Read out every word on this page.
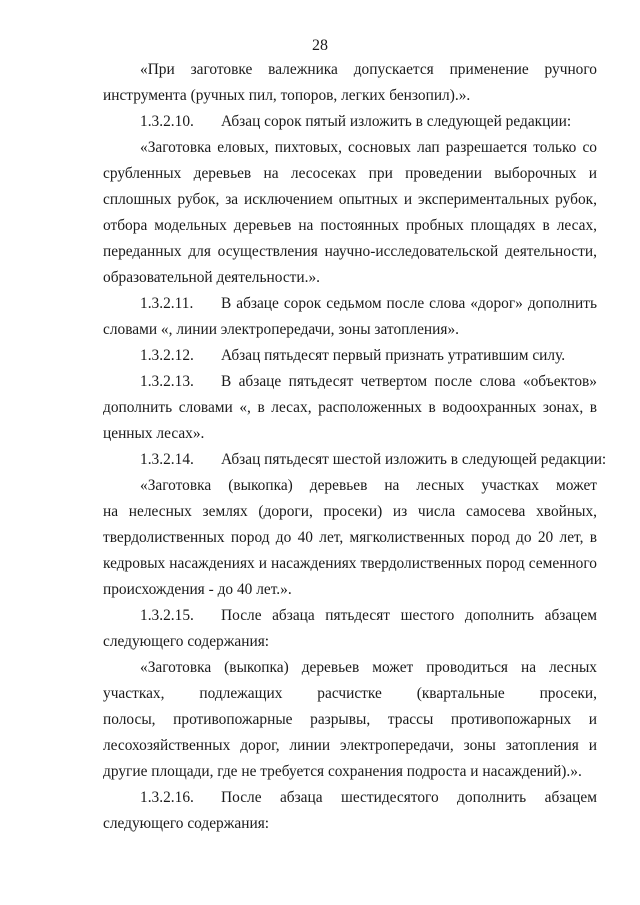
28
«При заготовке валежника допускается применение ручного
инструмента (ручных пил, топоров, легких бензопил).».
1.3.2.10. Абзац сорок пятый изложить в следующей редакции:
«Заготовка еловых, пихтовых, сосновых лап разрешается только со
срубленных деревьев на лесосеках при проведении выборочных и
сплошных рубок, за исключением опытных и экспериментальных рубок,
отбора модельных деревьев на постоянных пробных площадях в лесах,
переданных для осуществления научно-исследовательской деятельности,
образовательной деятельности.».
1.3.2.11. В абзаце сорок седьмом после слова «дорог» дополнить
словами «, линии электропередачи, зоны затопления».
1.3.2.12. Абзац пятьдесят первый признать утратившим силу.
1.3.2.13. В абзаце пятьдесят четвертом после слова «объектов»
дополнить словами «, в лесах, расположенных в водоохранных зонах, в
ценных лесах».
1.3.2.14. Абзац пятьдесят шестой изложить в следующей редакции:
«Заготовка (выкопка) деревьев на лесных участках может
на нелесных землях (дороги, просеки) из числа самосева хвойных,
твердолиственных пород до 40 лет, мягколиственных пород до 20 лет, в
кедровых насаждениях и насаждениях твердолиственных пород семенного
происхождения - до 40 лет.».
1.3.2.15. После абзаца пятьдесят шестого дополнить абзацем
следующего содержания:
«Заготовка (выкопка) деревьев может проводиться на лесных
участках, подлежащих расчистке (квартальные просеки,
полосы, противопожарные разрывы, трассы противопожарных и
лесохозяйственных дорог, линии электропередачи, зоны затопления и
другие площади, где не требуется сохранения подроста и насаждений).».
1.3.2.16. После абзаца шестидесятого дополнить абзацем
следующего содержания:
